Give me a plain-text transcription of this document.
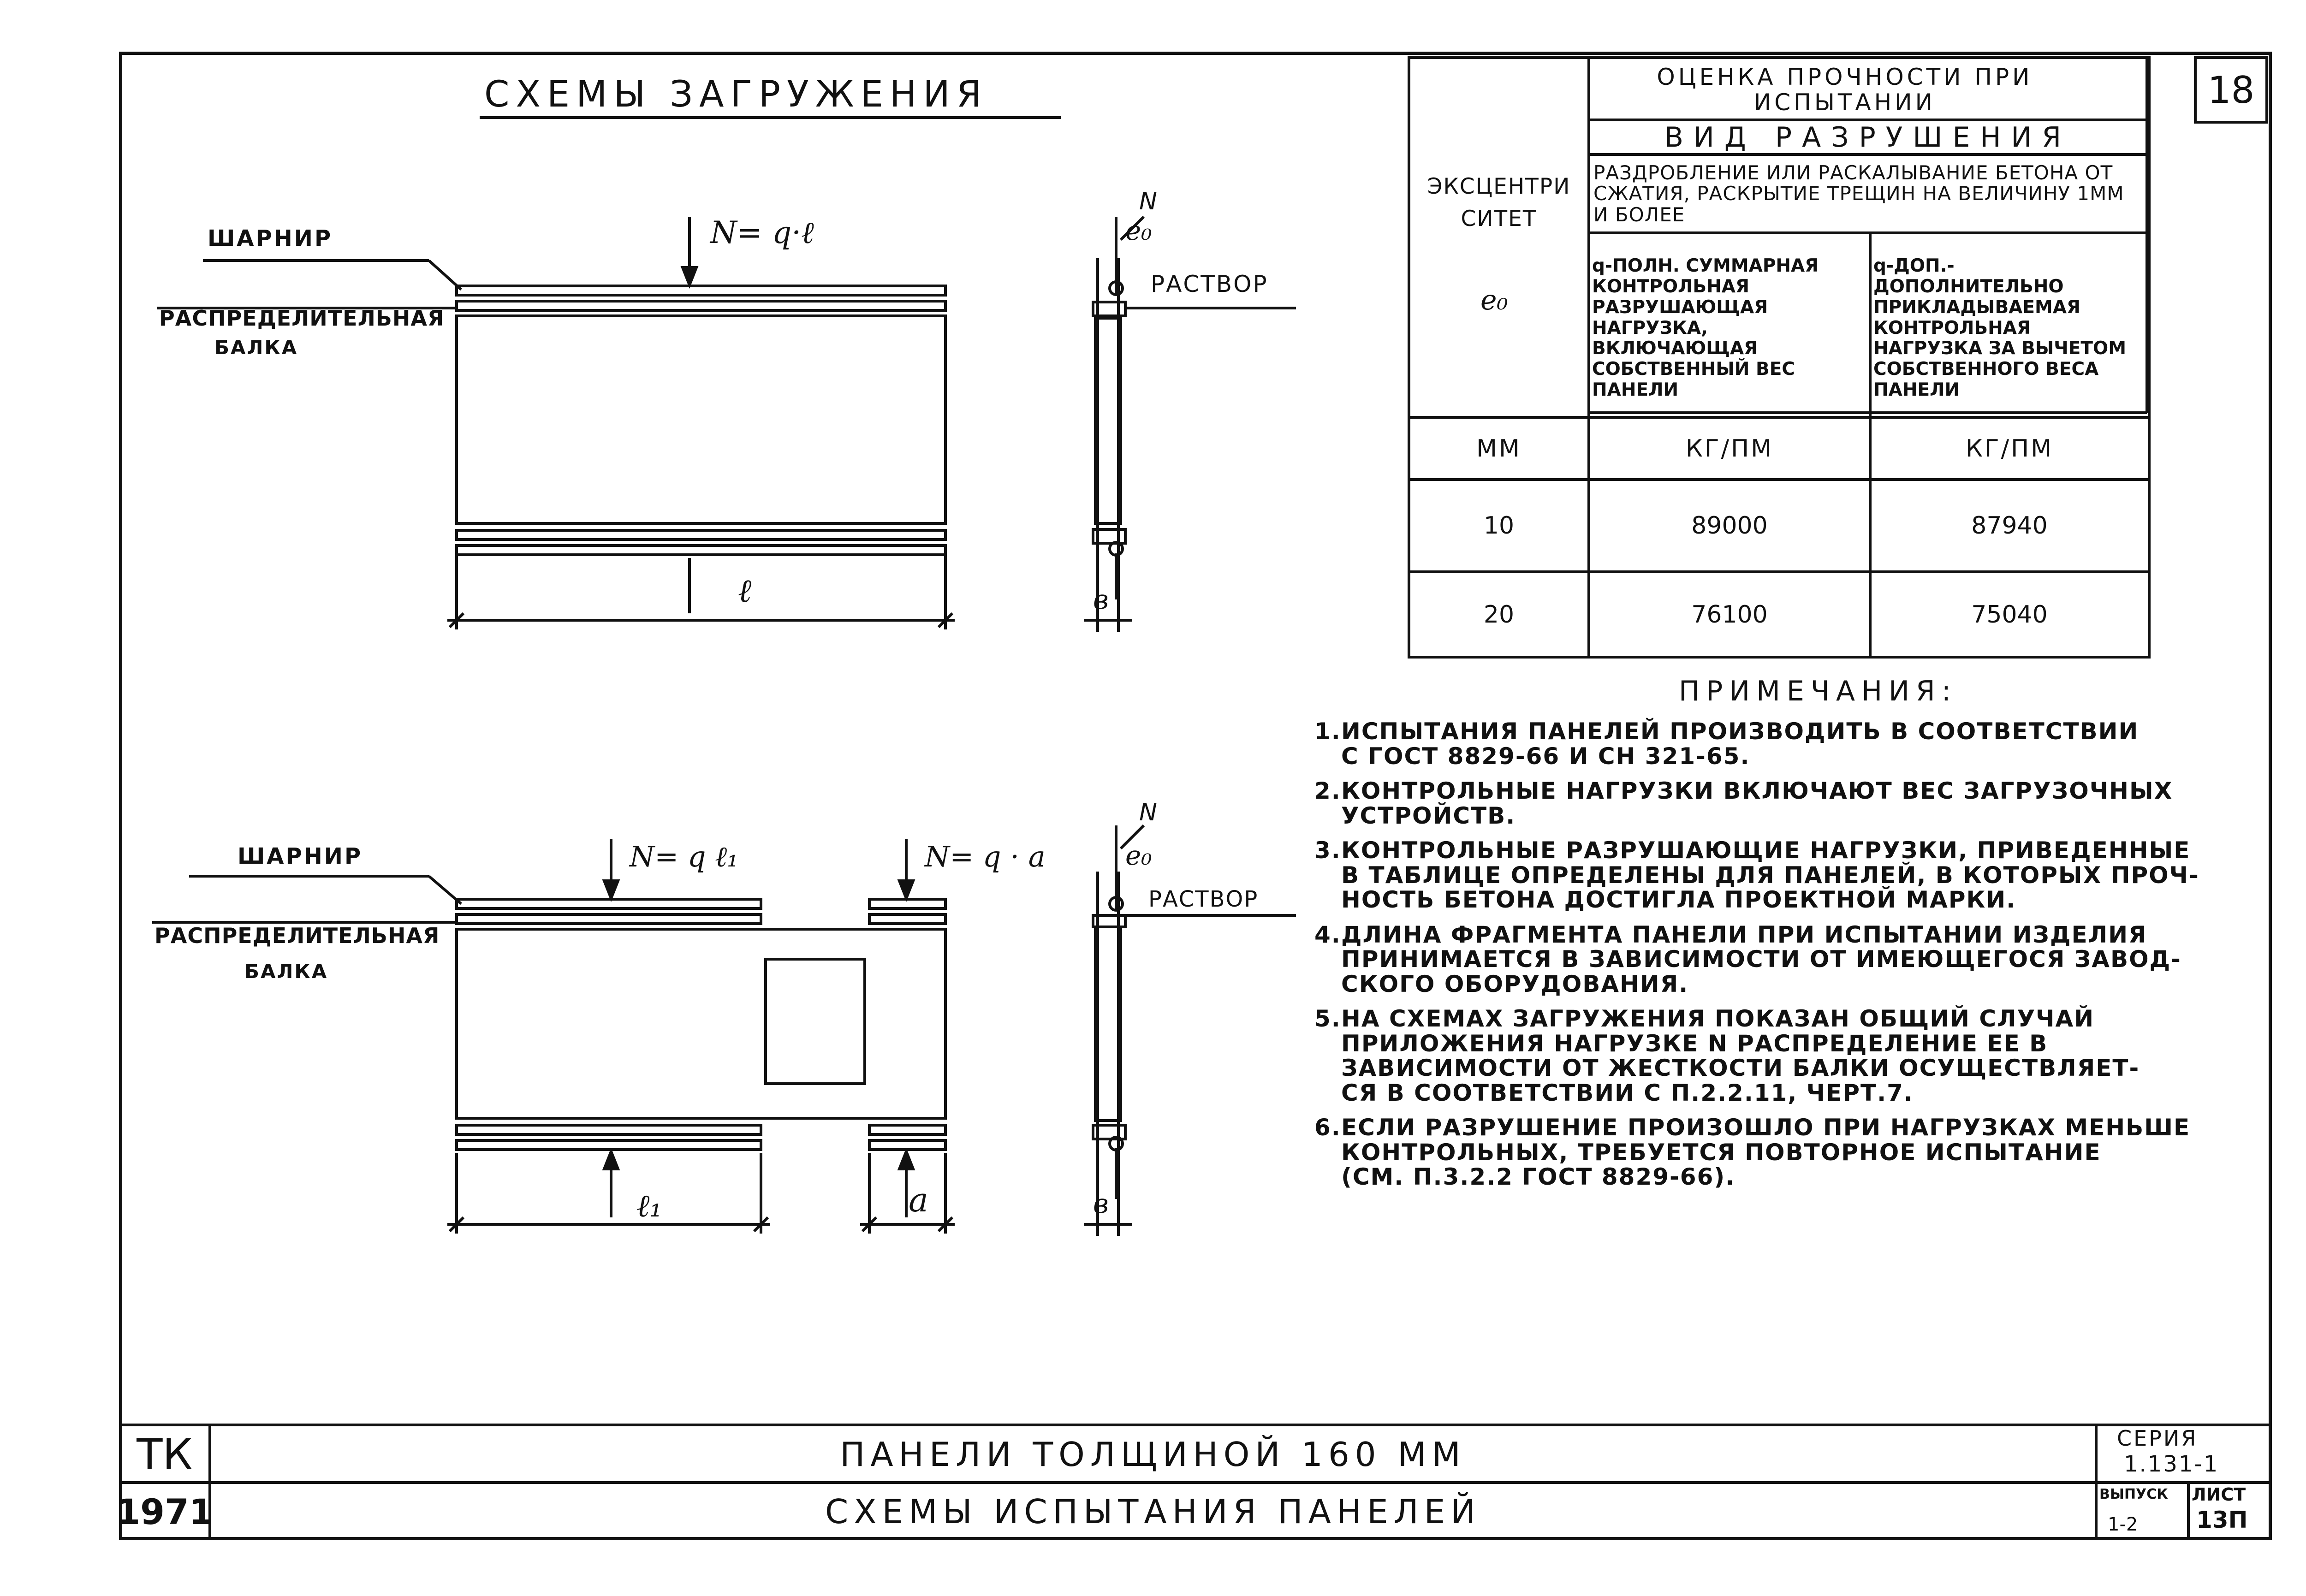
СХЕМЫ ЗАГРУЖЕНИЯ
ШАРНИР
РАСПРЕДЕЛИТЕЛЬНАЯ
БАЛКА
N= q·ℓ
ℓ
N
e₀
РАСТВОР
в
ШАРНИР
РАСПРЕДЕЛИТЕЛЬНАЯ
БАЛКА
N= q ℓ₁	N= q · a
ℓ₁	a
N
e₀
РАСТВОР
в
ЭКСЦЕНТРИСИТЕТ
e₀
ОЦЕНКА ПРОЧНОСТИ ПРИ ИСПЫТАНИИ
ВИД РАЗРУШЕНИЯ
РАЗДРОБЛЕНИЕ ИЛИ РАСКАЛЫВАНИЕ БЕТОНА ОТ СЖАТИЯ, РАСКРЫТИЕ ТРЕЩИН НА ВЕЛИЧИНУ 1ММ И БОЛЕЕ
q-ПОЛН. СУММАРНАЯ КОНТРОЛЬНАЯ РАЗРУШАЮЩАЯ НАГРУЗКА, ВКЛЮЧАЮЩАЯ СОБСТВЕННЫЙ ВЕС ПАНЕЛИ
q-ДОП.-ДОПОЛНИТЕЛЬНО ПРИКЛАДЫВАЕМАЯ КОНТРОЛЬНАЯ НАГРУЗКА ЗА ВЫЧЕТОМ СОБСТВЕННОГО ВЕСА ПАНЕЛИ
ММ	КГ/ПМ	КГ/ПМ
10	89000	87940
20	76100	75040
18
ПРИМЕЧАНИЯ:
1. ИСПЫТАНИЯ ПАНЕЛЕЙ ПРОИЗВОДИТЬ В СООТВЕТСТВИИ
С ГОСТ 8829-66 И СН 321-65.
2. КОНТРОЛЬНЫЕ НАГРУЗКИ ВКЛЮЧАЮТ ВЕС ЗАГРУЗОЧНЫХ
УСТРОЙСТВ.
3. КОНТРОЛЬНЫЕ РАЗРУШАЮЩИЕ НАГРУЗКИ, ПРИВЕДЕННЫЕ
В ТАБЛИЦЕ ОПРЕДЕЛЕНЫ ДЛЯ ПАНЕЛЕЙ, В КОТОРЫХ ПРОЧ-
НОСТЬ БЕТОНА ДОСТИГЛА ПРОЕКТНОЙ МАРКИ.
4. ДЛИНА ФРАГМЕНТА ПАНЕЛИ ПРИ ИСПЫТАНИИ ИЗДЕЛИЯ
ПРИНИМАЕТСЯ В ЗАВИСИМОСТИ ОТ ИМЕЮЩЕГОСЯ ЗАВОД-
СКОГО ОБОРУДОВАНИЯ.
5. НА СХЕМАХ ЗАГРУЖЕНИЯ ПОКАЗАН ОБЩИЙ СЛУЧАЙ
ПРИЛОЖЕНИЯ НАГРУЗКЕ N РАСПРЕДЕЛЕНИЕ ЕЕ В
ЗАВИСИМОСТИ ОТ ЖЕСТКОСТИ БАЛКИ ОСУЩЕСТВЛЯЕТ-
СЯ В СООТВЕТСТВИИ С П.2.2.11, ЧЕРТ.7.
6. ЕСЛИ РАЗРУШЕНИЕ ПРОИЗОШЛО ПРИ НАГРУЗКАХ МЕНЬШЕ
КОНТРОЛЬНЫХ, ТРЕБУЕТСЯ ПОВТОРНОЕ ИСПЫТАНИЕ
(СМ. П.3.2.2 ГОСТ 8829-66).
ТК
1971
ПАНЕЛИ ТОЛЩИНОЙ 160 ММ
СХЕМЫ ИСПЫТАНИЯ ПАНЕЛЕЙ
СЕРИЯ
1.131-1
ВЫПУСК
1-2
ЛИСТ
13П
